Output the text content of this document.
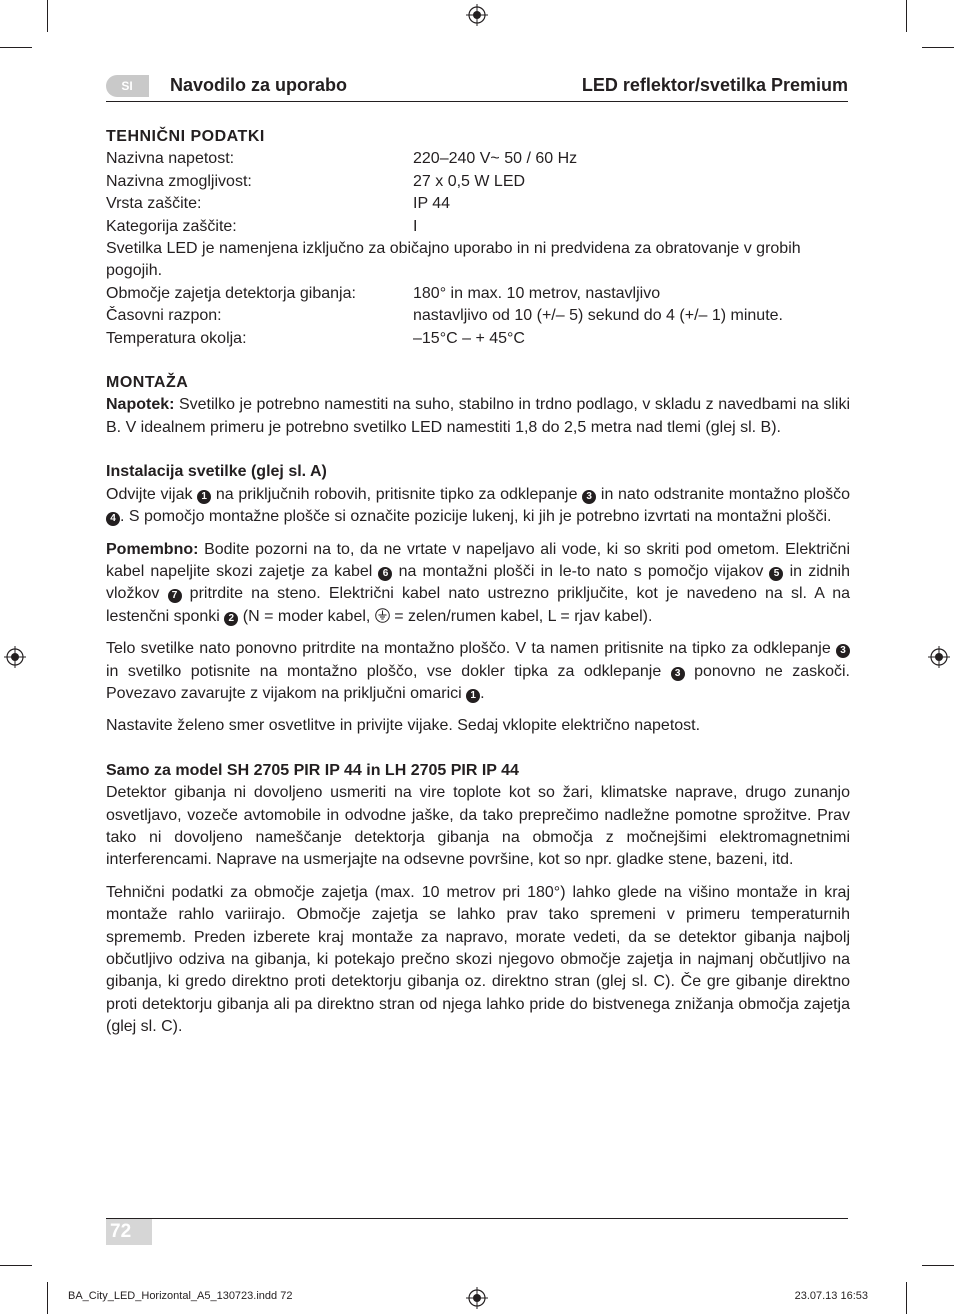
SI	Navodilo za uporabo	LED reflektor/svetilka Premium
TEHNIČNI PODATKI
Nazivna napetost:	220–240 V~ 50 / 60 Hz
Nazivna zmogljivost:	27 x 0,5 W LED
Vrsta zaščite:	IP 44
Kategorija zaščite:	I

Svetilka LED je namenjena izključno za običajno uporabo in ni predvidena za obratovanje v grobih pogojih.

Območje zajetja detektorja gibanja:	180° in max. 10 metrov, nastavljivo
Časovni razpon:	nastavljivo od 10 (+/– 5) sekund do 4 (+/– 1) minute.
Temperatura okolja:	–15°C – + 45°C
MONTAŽA

Napotek: Svetilko je potrebno namestiti na suho, stabilno in trdno podlago, v skladu z navedbami na sliki B. V idealnem primeru je potrebno svetilko LED namestiti 1,8 do 2,5 metra nad tlemi (glej sl. B).

Instalacija svetilke (glej sl. A)

Odvijte vijak 1 na priključnih robovih, pritisnite tipko za odklepanje 3 in nato odstranite montažno ploščo 4 . S pomočjo montažne plošče si označite pozicije lukenj, ki jih je potrebno izvrtati na montažni plošči.

Pomembno: Bodite pozorni na to, da ne vrtate v napeljavo ali vode, ki so skriti pod ometom. Električni kabel napeljite skozi zajetje za kabel 6 na montažni plošči in le-to nato s pomočjo vijakov 5 in zidnih vložkov 7 pritrdite na steno. Električni kabel nato ustrezno priključite, kot je navedeno na sl. A na lestenčni sponki 2 (N = moder kabel,  = zelen/rumen kabel, L = rjav kabel).

Telo svetilke nato ponovno pritrdite na montažno ploščo. V ta namen pritisnite na tipko za odklepanje 3 in svetilko potisnite na montažno ploščo, vse dokler tipka za odklepanje 3 ponovno ne zaskoči. Povezavo zavarujte z vijakom na priključni omarici 1 .

Nastavite želeno smer osvetlitve in privijte vijake. Sedaj vklopite električno napetost.

Samo za model SH 2705 PIR IP 44 in LH 2705 PIR IP 44

Detektor gibanja ni dovoljeno usmeriti na vire toplote kot so žari, klimatske naprave, drugo zunanjo osvetljavo, vozeče avtomobile in odvodne jaške, da tako preprečimo nadležne pomotne sprožitve. Prav tako ni dovoljeno nameščanje detektorja gibanja na območja z močnejšimi elektromagnetnimi interferencami. Naprave na usmerjajte na odsevne površine, kot so npr. gladke stene, bazeni, itd.

Tehnični podatki za območje zajetja (max. 10 metrov pri 180°) lahko glede na višino montaže in kraj montaže rahlo variirajo. Območje zajetja se lahko prav tako spremeni v primeru temperaturnih sprememb. Preden izberete kraj montaže za napravo, morate vedeti, da se detektor gibanja najbolj občutljivo odziva na gibanja, ki potekajo prečno skozi njegovo območje zajetja in najmanj občutljivo na gibanja, ki gredo direktno proti detektorju gibanja oz. direktno stran (glej sl. C). Če gre gibanje direktno proti detektorju gibanja ali pa direktno stran od njega lahko pride do bistvenega znižanja območja zajetja (glej sl. C).

72
BA_City_LED_Horizontal_A5_130723.indd 72	23.07.13 16:53
